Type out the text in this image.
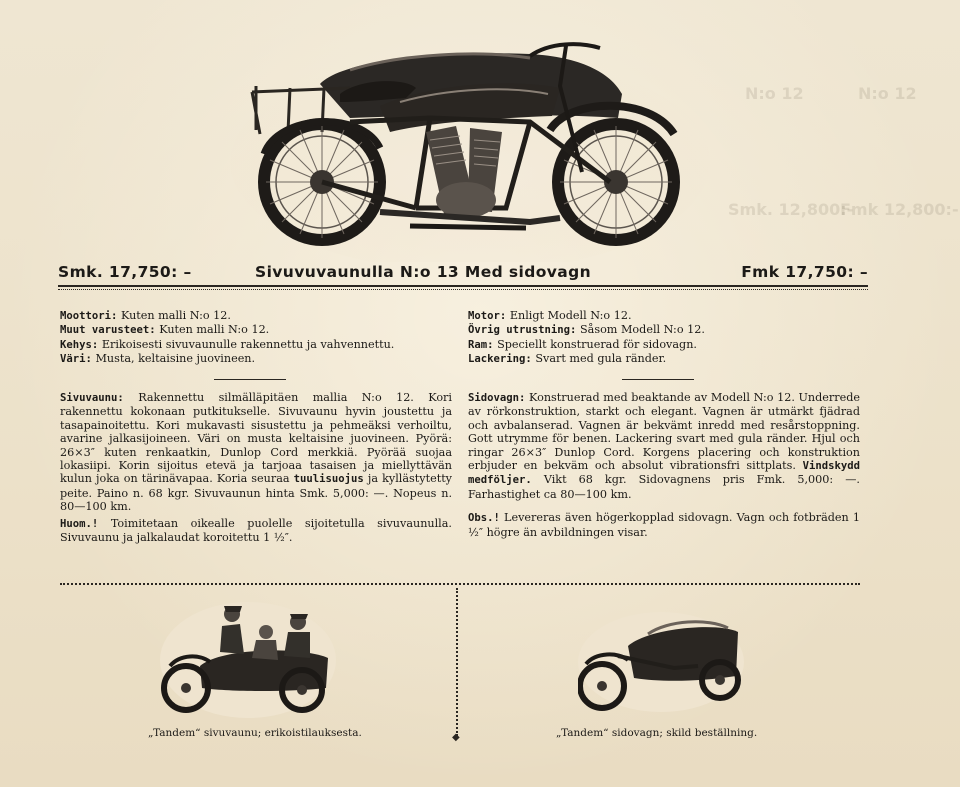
N:o 12	N:o 12
Fmk 12,800:-
Smk. 12,800:-
Smk. 17,750: –	Sivuvuvaunulla N:o 13 Med sidovagn	Fmk 17,750: –

Moottori: Kuten malli N:o 12.

Muut varusteet: Kuten malli N:o 12.

Kehys: Erikoisesti sivuvaunulle rakennettu ja vahvennettu.

Väri: Musta, keltaisine juovineen.

Motor: Enligt Modell N:o 12.

Övrig utrustning: Såsom Modell N:o 12.

Ram: Speciellt konstruerad för sidovagn.

Lackering: Svart med gula ränder.

Sivuvaunu: Rakennettu silmälläpitäen mallia N:o 12. Kori rakennettu kokonaan putkitukselle. Sivuvaunu hyvin joustettu ja tasapainoitettu. Kori mukavasti sisustettu ja pehmeäksi verhoiltu, avarine jalkasijoineen. Väri on musta keltaisine juovineen. Pyörä: 26×3″ kuten renkaatkin, Dunlop Cord merkkiä. Pyörää suojaa lokasiipi. Korin sijoitus etevä ja tarjoaa tasaisen ja miellyttävän kulun joka on tärinävapaa. Koria seuraa tuulisuojus ja kyllästytetty peite. Paino n. 68 kgr. Sivuvaunun hinta Smk. 5,000: —. Nopeus n. 80—100 km.

Huom.! Toimitetaan oikealle puolelle sijoitetulla sivuvaunulla. Sivuvaunu ja jalkalaudat koroitettu 1 ½″.

Sidovagn: Konstruerad med beaktande av Modell N:o 12. Underrede av rörkonstruktion, starkt och elegant. Vagnen är utmärkt fjädrad och avbalanserad. Vagnen är bekvämt inredd med resårstoppning. Gott utrymme för benen. Lackering svart med gula ränder. Hjul och ringar 26×3″ Dunlop Cord. Korgens placering och konstruktion erbjuder en bekväm och absolut vibrationsfri sittplats. Vindskydd medföljer. Vikt 68 kgr. Sidovagnens pris Fmk. 5,000: —. Farhastighet ca 80—100 km.

Obs.! Levereras även högerkopplad sidovagn. Vagn och fotbräden 1 ½″ högre än avbildningen visar.

◆
„Tandem“ sivuvaunu; erikoistilauksesta.	„Tandem“ sidovagn; skild beställning.
